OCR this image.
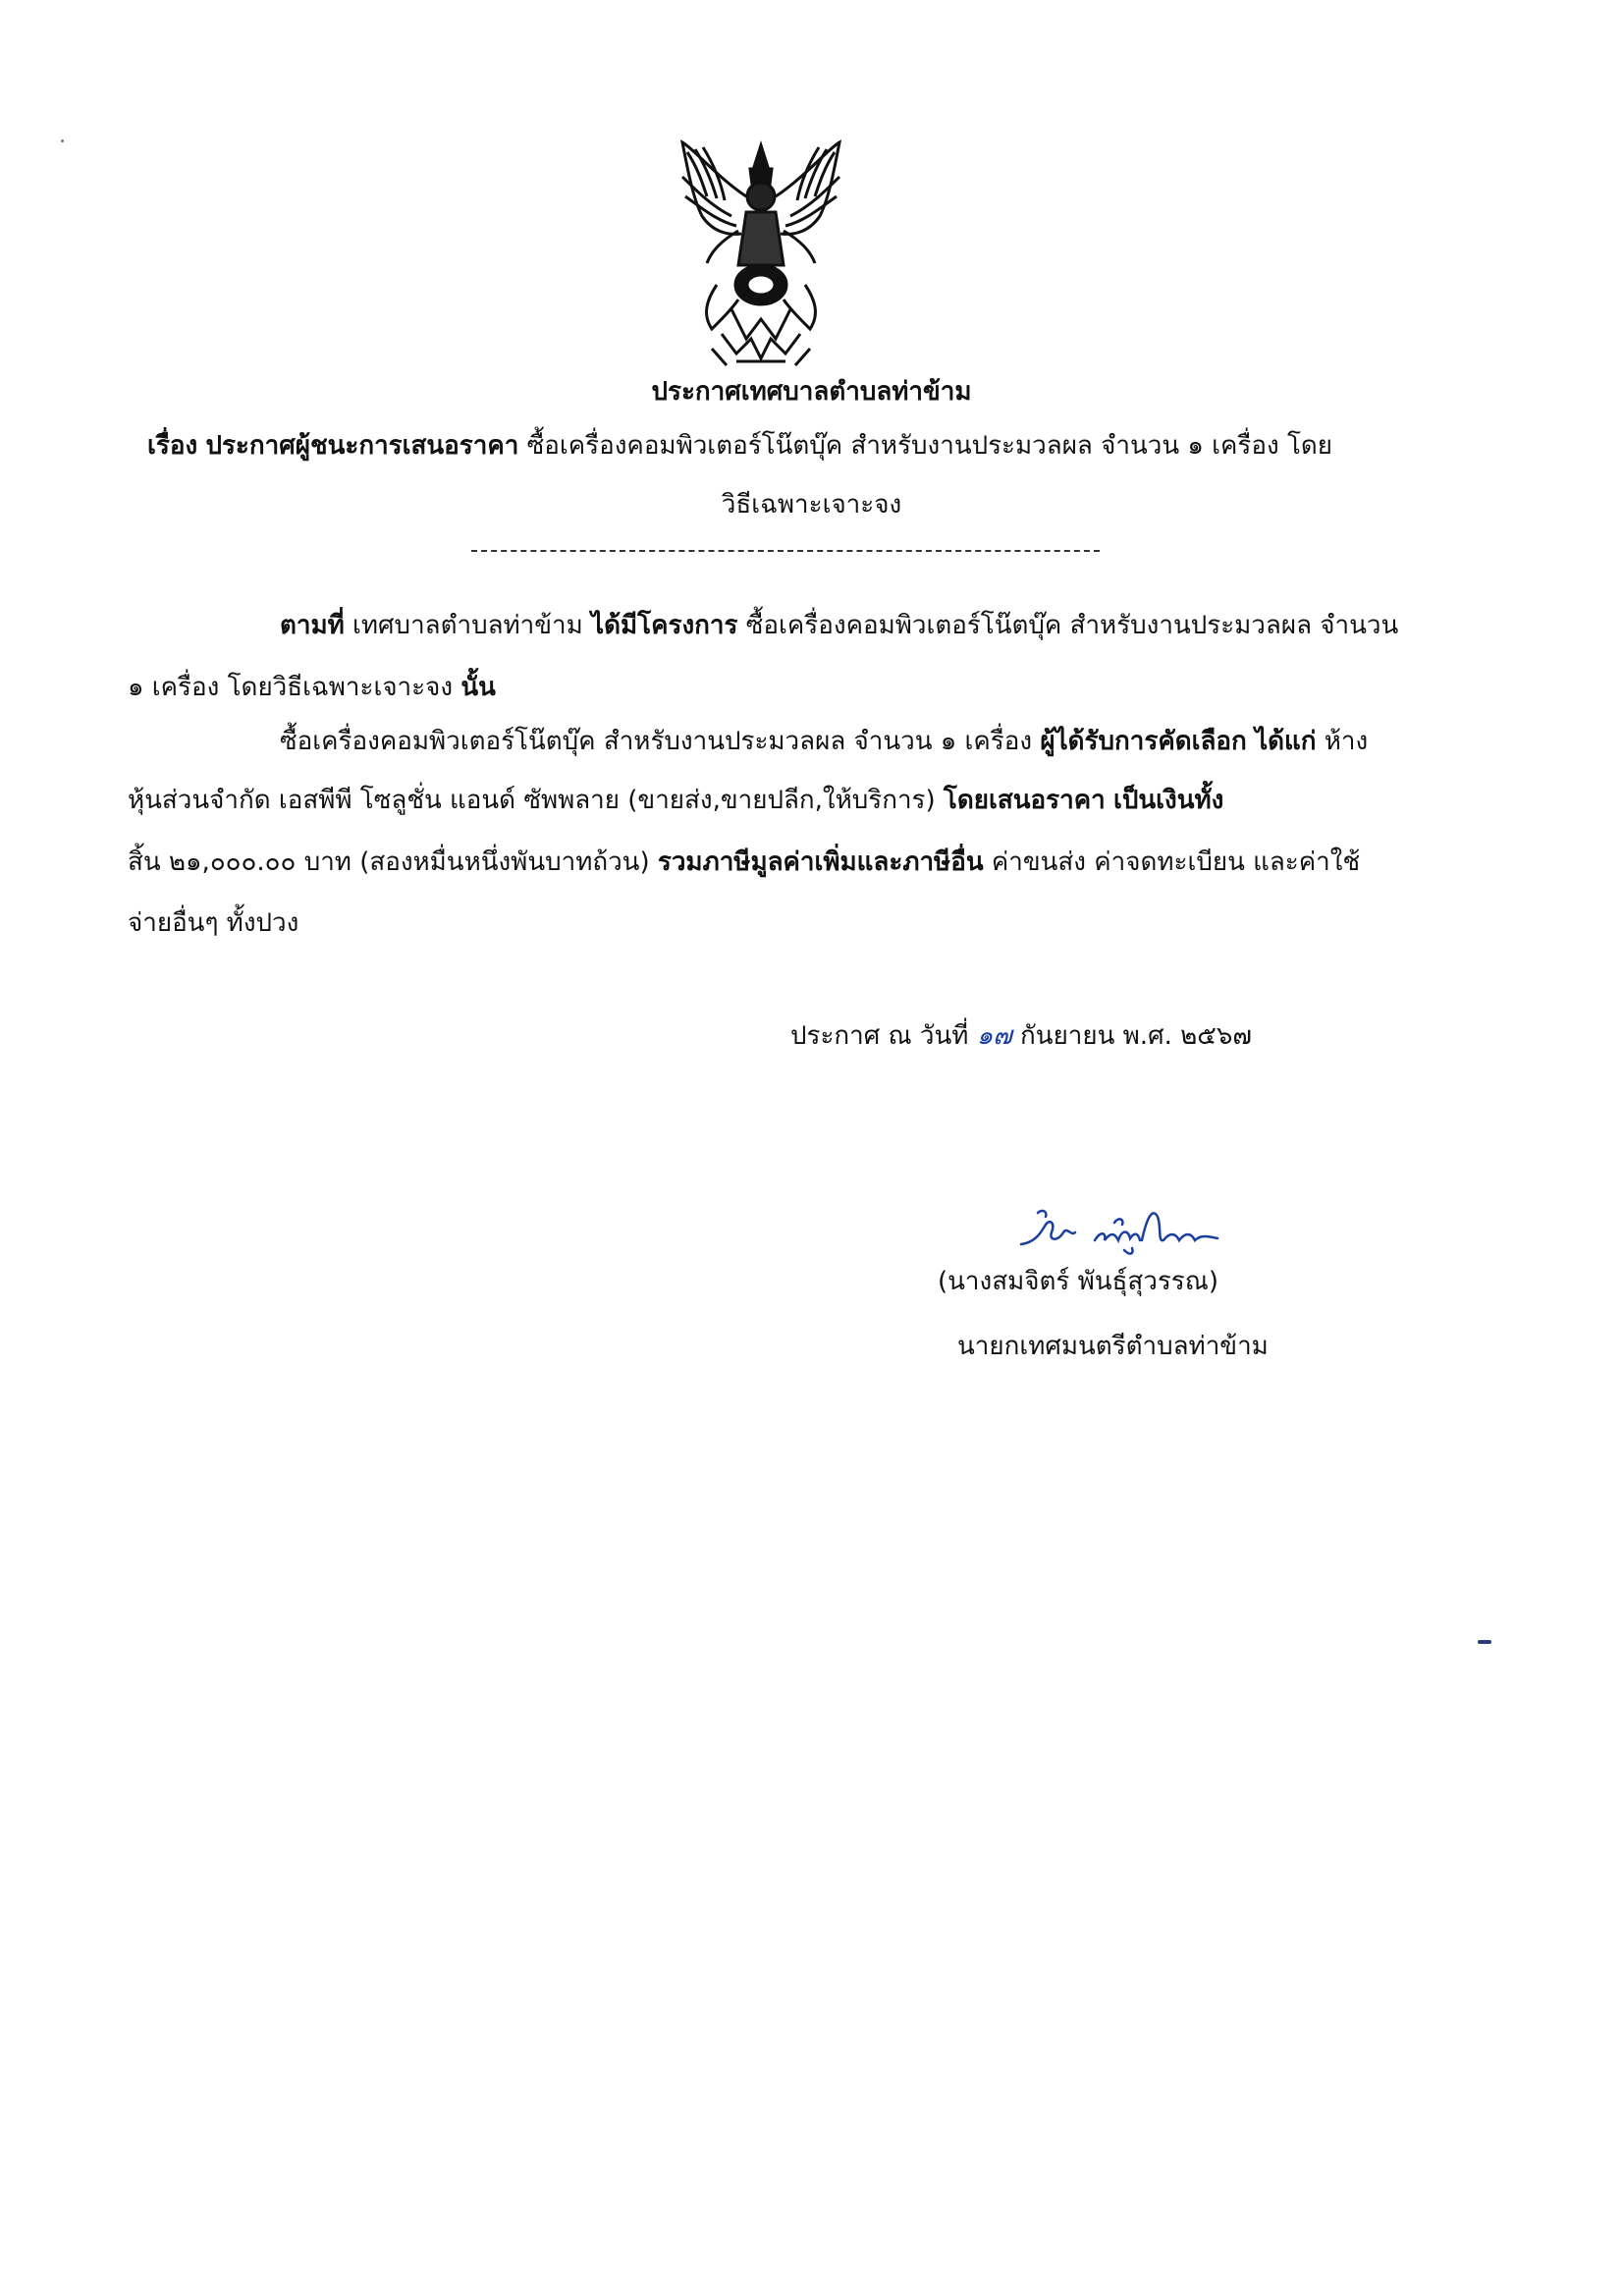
ประกาศเทศบาลตำบลท่าข้าม
เรื่อง ประกาศผู้ชนะการเสนอราคา ซื้อเครื่องคอมพิวเตอร์โน๊ตบุ๊ค สำหรับงานประมวลผล จำนวน ๑ เครื่อง โดย
วิธีเฉพาะเจาะจง
ตามที่ เทศบาลตำบลท่าข้าม ได้มีโครงการ ซื้อเครื่องคอมพิวเตอร์โน๊ตบุ๊ค สำหรับงานประมวลผล จำนวน
๑ เครื่อง โดยวิธีเฉพาะเจาะจง นั้น
ซื้อเครื่องคอมพิวเตอร์โน๊ตบุ๊ค สำหรับงานประมวลผล จำนวน ๑ เครื่อง ผู้ได้รับการคัดเลือก ได้แก่ ห้าง
หุ้นส่วนจำกัด เอสพีพี โซลูชั่น แอนด์ ซัพพลาย (ขายส่ง,ขายปลีก,ให้บริการ) โดยเสนอราคา เป็นเงินทั้ง
สิ้น ๒๑,๐๐๐.๐๐ บาท (สองหมื่นหนึ่งพันบาทถ้วน) รวมภาษีมูลค่าเพิ่มและภาษีอื่น ค่าขนส่ง ค่าจดทะเบียน และค่าใช้
จ่ายอื่นๆ ทั้งปวง
ประกาศ ณ วันที่ ๑๗ กันยายน พ.ศ. ๒๕๖๗
(นางสมจิตร์ พันธุ์สุวรรณ)
นายกเทศมนตรีตำบลท่าข้าม
